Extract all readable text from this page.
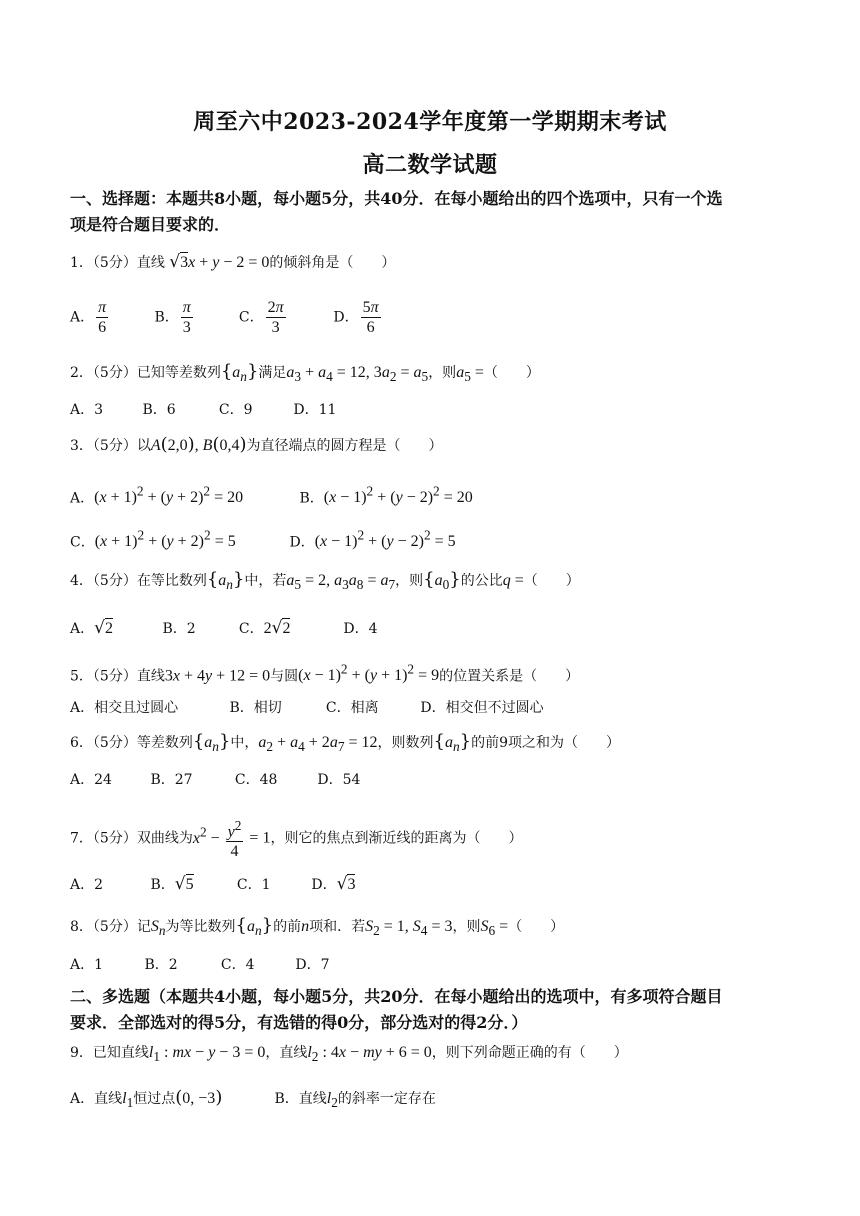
周至六中2023-2024学年度第一学期期末考试
高二数学试题
一、选择题：本题共8小题，每小题5分，共40分．在每小题给出的四个选项中，只有一个选
项是符合题目要求的．
1．（5分）直线 √3x + y − 2 = 0的倾斜角是（　　）
A． $\frac{\pi}{6}$	B． $\frac{\pi}{3}$	C． $\frac{2\pi}{3}$	D． $\frac{5\pi}{6}$
2．（5分）已知等差数列$\{a_n\}$满足$a_3 + a_4 = 12$, $3a_2 = a_5$，则$a_5$ =（　　）
A．3	B．6	C．9	D．11
3．（5分）以A(2,0), B(0,4)为直径端点的圆方程是（　　）
A．$(x + 1)^2 + (y + 2)^2 = 20$	B．$(x - 1)^2 + (y - 2)^2 = 20$
C．$(x + 1)^2 + (y + 2)^2 = 5$	D．$(x - 1)^2 + (y - 2)^2 = 5$
4．（5分）在等比数列$\{a_n\}$中，若$a_5 = 2$, $a_3a_8 = a_7$，则$\{a_0\}$的公比q =（　　）
A．√2	B．2	C．2√2	D．4
5．（5分）直线3x + 4y + 12 = 0与圆$(x - 1)^2 + (y + 1)^2 = 9$的位置关系是（　　）
A．相交且过圆心	B．相切	C．相离	D．相交但不过圆心
6．（5分）等差数列$\{a_n\}$中，$a_2 + a_4 + 2a_7 = 12$，则数列$\{a_n\}$的前9项之和为（　　）
A．24	B．27	C．48	D．54
7．（5分）双曲线为$x^2 - \frac{y^2}{4} = 1$，则它的焦点到渐近线的距离为（　　）
A．2	B．√5	C．1	D．√3
8．（5分）记$S_n$为等比数列$\{a_n\}$的前n项和．若$S_2 = 1$, $S_4 = 3$，则$S_6$ =（　　）
A．1	B．2	C．4	D．7
二、多选题（本题共4小题，每小题5分，共20分．在每小题给出的选项中，有多项符合题目
要求．全部选对的得5分，有选错的得0分，部分选对的得2分．）
9．已知直线$l_1$ : mx − y − 3 = 0，直线$l_2$ : 4x − my + 6 = 0，则下列命题正确的有（　　）
A．直线$l_1$恒过点(0, −3)	B．直线$l_2$的斜率一定存在
